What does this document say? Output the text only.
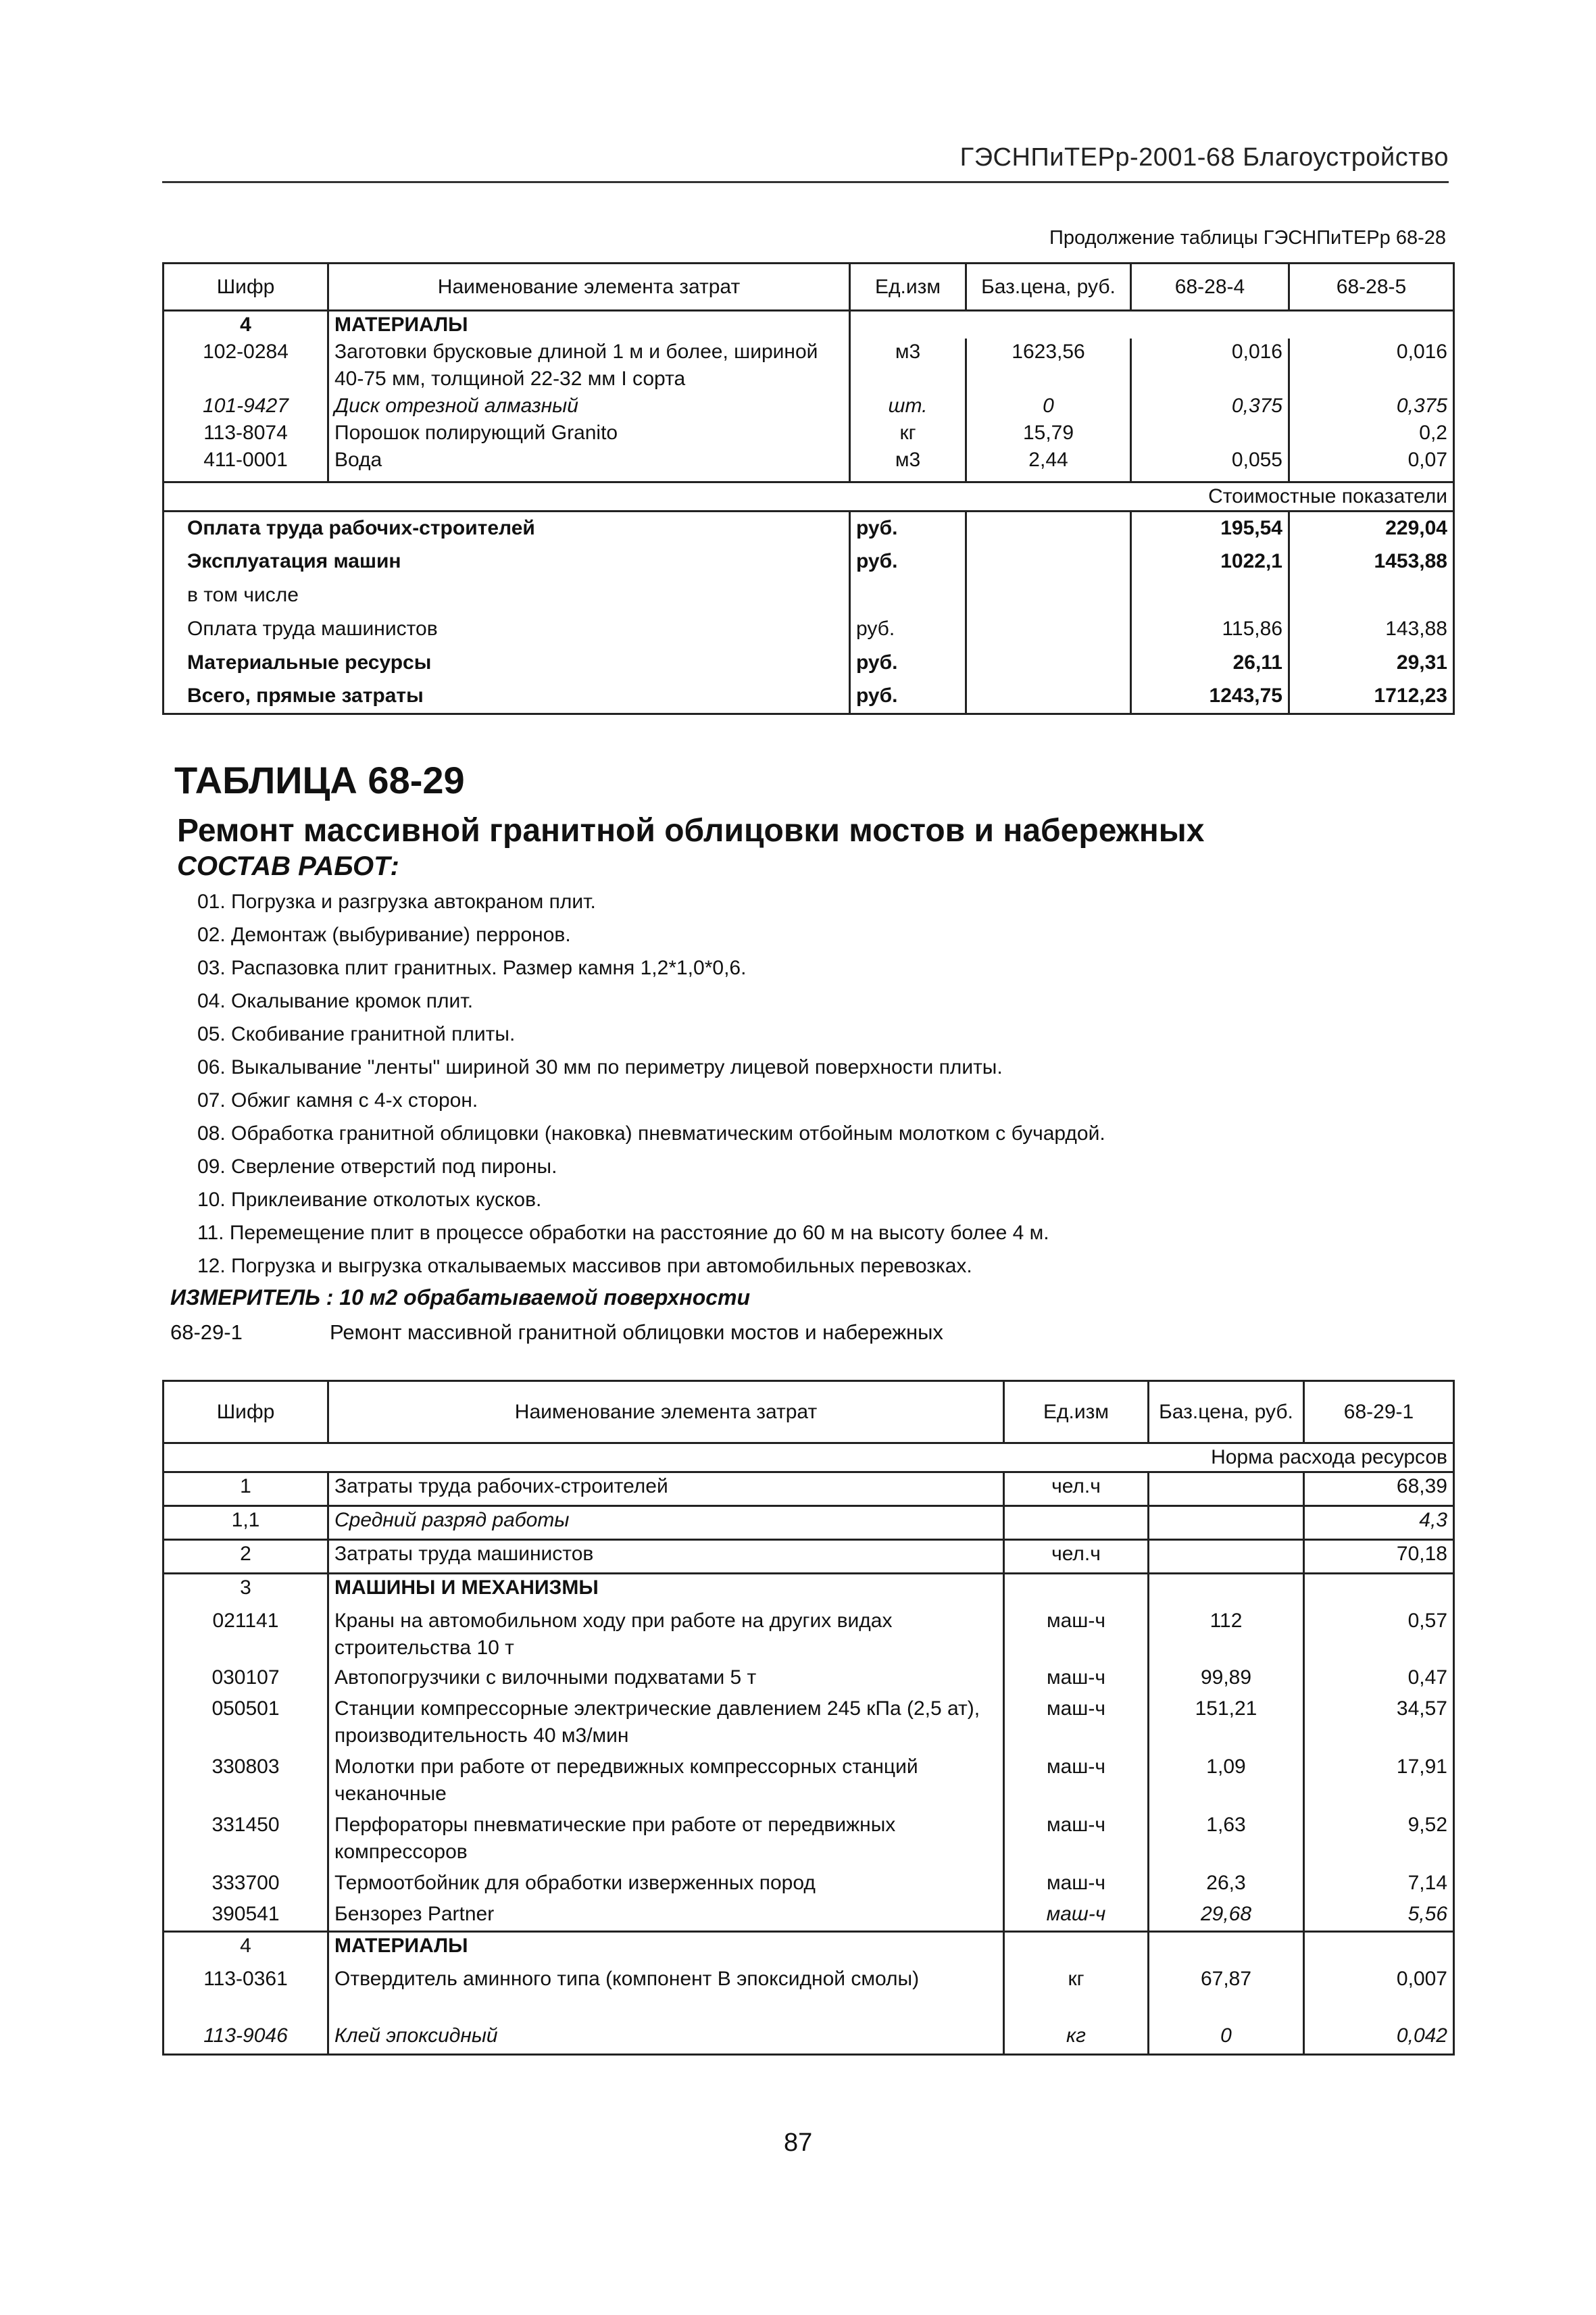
ГЭСНПиТЕРр-2001-68 Благоустройство
Продолжение таблицы ГЭСНПиТЕРр 68-28
Шифр	Наименование элемента затрат	Ед.изм	Баз.цена, руб.	68-28-4	68-28-5
4	МАТЕРИАЛЫ				
102-0284	Заготовки брусковые длиной 1 м и более, шириной 40-75 мм, толщиной 22-32 мм I сорта	м3	1623,56	0,016	0,016
101-9427	Диск отрезной алмазный	шт.	0	0,375	0,375
113-8074	Порошок полирующий Granito	кг	15,79		0,2
411-0001	Вода	м3	2,44	0,055	0,07
Стоимостные показатели					
Оплата труда рабочих-строителей		руб.		195,54	229,04
Эксплуатация машин		руб.		1022,1	1453,88
в том числе					
Оплата труда машинистов		руб.		115,86	143,88
Материальные ресурсы		руб.		26,11	29,31
Всего, прямые затраты		руб.		1243,75	1712,23
ТАБЛИЦА 68-29
Ремонт массивной гранитной облицовки мостов и набережных
СОСТАВ РАБОТ:
01. Погрузка и разгрузка автокраном плит.
02. Демонтаж (выбуривание) перронов.
03. Распазовка плит гранитных. Размер камня 1,2*1,0*0,6.
04. Окалывание кромок плит.
05. Скобивание гранитной плиты.
06. Выкалывание "ленты" шириной 30 мм по периметру лицевой поверхности плиты.
07. Обжиг камня с 4-х сторон.
08. Обработка гранитной облицовки (наковка) пневматическим отбойным молотком с бучардой.
09. Сверление отверстий под пироны.
10. Приклеивание отколотых кусков.
11. Перемещение плит в процессе обработки на расстояние до 60 м на высоту более 4 м.
12. Погрузка и выгрузка откалываемых массивов при автомобильных перевозках.
ИЗМЕРИТЕЛЬ : 10 м2 обрабатываемой поверхности
68-29-1	Ремонт массивной гранитной облицовки мостов и набережных
Шифр	Наименование элемента затрат	Ед.изм	Баз.цена, руб.	68-29-1
Норма расхода ресурсов				
1	Затраты труда рабочих-строителей	чел.ч		68,39
1,1	Средний разряд работы			4,3
2	Затраты труда машинистов	чел.ч		70,18
3	МАШИНЫ И МЕХАНИЗМЫ			
021141	Краны на автомобильном ходу при работе на других видах строительства 10 т	маш-ч	112	0,57
030107	Автопогрузчики с вилочными подхватами 5 т	маш-ч	99,89	0,47
050501	Станции компрессорные электрические давлением 245 кПа (2,5 ат), производительность 40 м3/мин	маш-ч	151,21	34,57
330803	Молотки при работе от передвижных компрессорных станций чеканочные	маш-ч	1,09	17,91
331450	Перфораторы пневматические при работе от передвижных компрессоров	маш-ч	1,63	9,52
333700	Термоотбойник для обработки изверженных пород	маш-ч	26,3	7,14
390541	Бензорез Partner	маш-ч	29,68	5,56
4	МАТЕРИАЛЫ			
113-0361	Отвердитель аминного типа (компонент В эпоксидной смолы)	кг	67,87	0,007
113-9046	Клей эпоксидный	кг	0	0,042
87
